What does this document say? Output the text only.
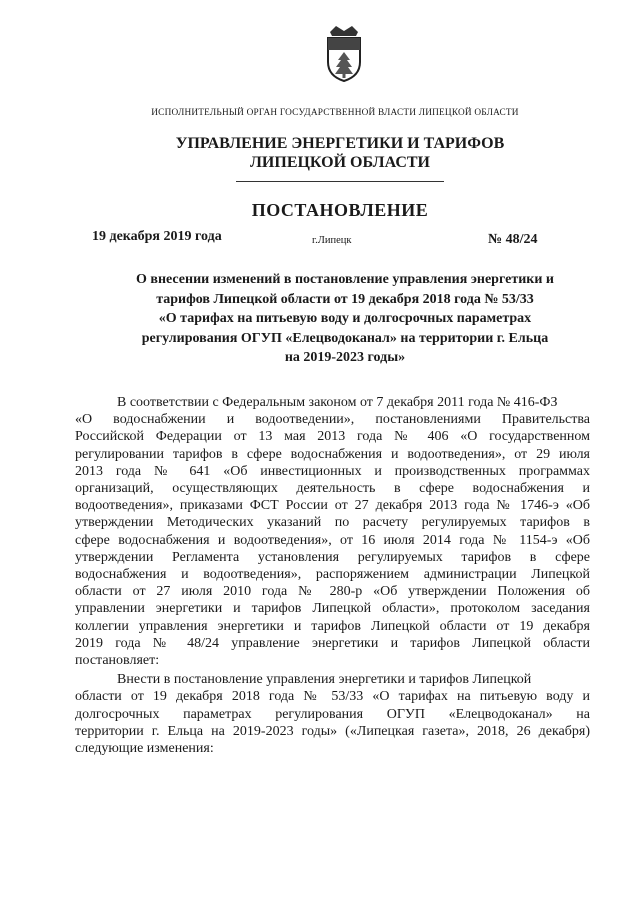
ИСПОЛНИТЕЛЬНЫЙ ОРГАН ГОСУДАРСТВЕННОЙ ВЛАСТИ ЛИПЕЦКОЙ ОБЛАСТИ
УПРАВЛЕНИЕ ЭНЕРГЕТИКИ И ТАРИФОВ
ЛИПЕЦКОЙ ОБЛАСТИ
ПОСТАНОВЛЕНИЕ
19 декабря 2019 года	г.Липецк	№ 48/24
О внесении изменений в постановление управления энергетики и
тарифов Липецкой области от 19 декабря 2018 года № 53/33
«О тарифах на питьевую воду и долгосрочных параметрах
регулирования ОГУП «Елецводоканал» на территории г. Ельца
на 2019-2023 годы»
В соответствии с Федеральным законом от 7 декабря 2011 года № 416-ФЗ
«О водоснабжении и водоотведении», постановлениями Правительства
Российской Федерации от 13 мая 2013 года № 406 «О государственном
регулировании тарифов в сфере водоснабжения и водоотведения», от 29 июля
2013 года № 641 «Об инвестиционных и производственных программах
организаций, осуществляющих деятельность в сфере водоснабжения и
водоотведения», приказами ФСТ России от 27 декабря 2013 года № 1746-э «Об
утверждении Методических указаний по расчету регулируемых тарифов в
сфере водоснабжения и водоотведения», от 16 июля 2014 года № 1154-э «Об
утверждении Регламента установления регулируемых тарифов в сфере
водоснабжения и водоотведения», распоряжением администрации Липецкой
области от 27 июля 2010 года № 280-р «Об утверждении Положения об
управлении энергетики и тарифов Липецкой области», протоколом заседания
коллегии управления энергетики и тарифов Липецкой области от 19 декабря
2019 года № 48/24 управление энергетики и тарифов Липецкой области
постановляет:
Внести в постановление управления энергетики и тарифов Липецкой
области от 19 декабря 2018 года № 53/33 «О тарифах на питьевую воду и
долгосрочных параметрах регулирования ОГУП «Елецводоканал» на
территории г. Ельца на 2019-2023 годы» («Липецкая газета», 2018, 26 декабря)
следующие изменения:
